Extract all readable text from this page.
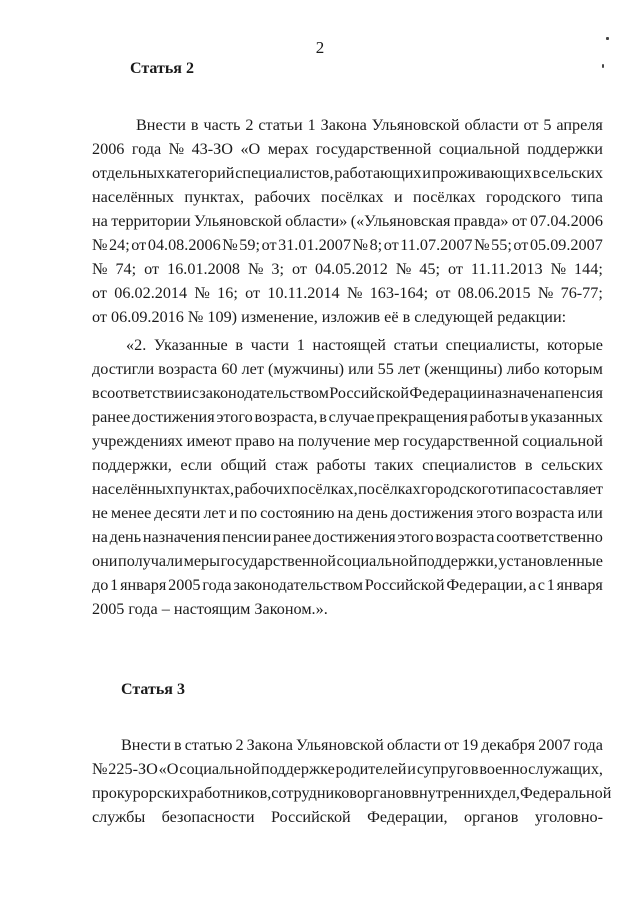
2
Статья 2
Внести в часть 2 статьи 1 Закона Ульяновской области от 5 апреля
2006 года № 43-ЗО «О мерах государственной социальной поддержки
отдельных категорий специалистов, работающих и проживающих в сельских
населённых пунктах, рабочих посёлках и посёлках городского типа
на территории Ульяновской области» («Ульяновская правда» от 07.04.2006
№ 24; от 04.08.2006 № 59; от 31.01.2007 № 8; от 11.07.2007 № 55; от 05.09.2007
№ 74; от 16.01.2008 № 3; от 04.05.2012 № 45; от 11.11.2013 № 144;
от 06.02.2014 № 16; от 10.11.2014 № 163-164; от 08.06.2015 № 76-77;
от 06.09.2016 № 109) изменение, изложив её в следующей редакции:
«2. Указанные в части 1 настоящей статьи специалисты, которые
достигли возраста 60 лет (мужчины) или 55 лет (женщины) либо которым
в соответствии с законодательством Российской Федерации назначена пенсия
ранее достижения этого возраста, в случае прекращения работы в указанных
учреждениях имеют право на получение мер государственной социальной
поддержки, если общий стаж работы таких специалистов в сельских
населённых пунктах, рабочих посёлках, посёлках городского типа составляет
не менее десяти лет и по состоянию на день достижения этого возраста или
на день назначения пенсии ранее достижения этого возраста соответственно
они получали меры государственной социальной поддержки, установленные
до 1 января 2005 года законодательством Российской Федерации, а с 1 января
2005 года – настоящим Законом.».
Статья 3
Внести в статью 2 Закона Ульяновской области от 19 декабря 2007 года
№ 225-ЗО «О социальной поддержке родителей и супругов военнослужащих,
прокурорских работников, сотрудников органов внутренних дел, Федеральной
службы безопасности Российской Федерации, органов уголовно-
